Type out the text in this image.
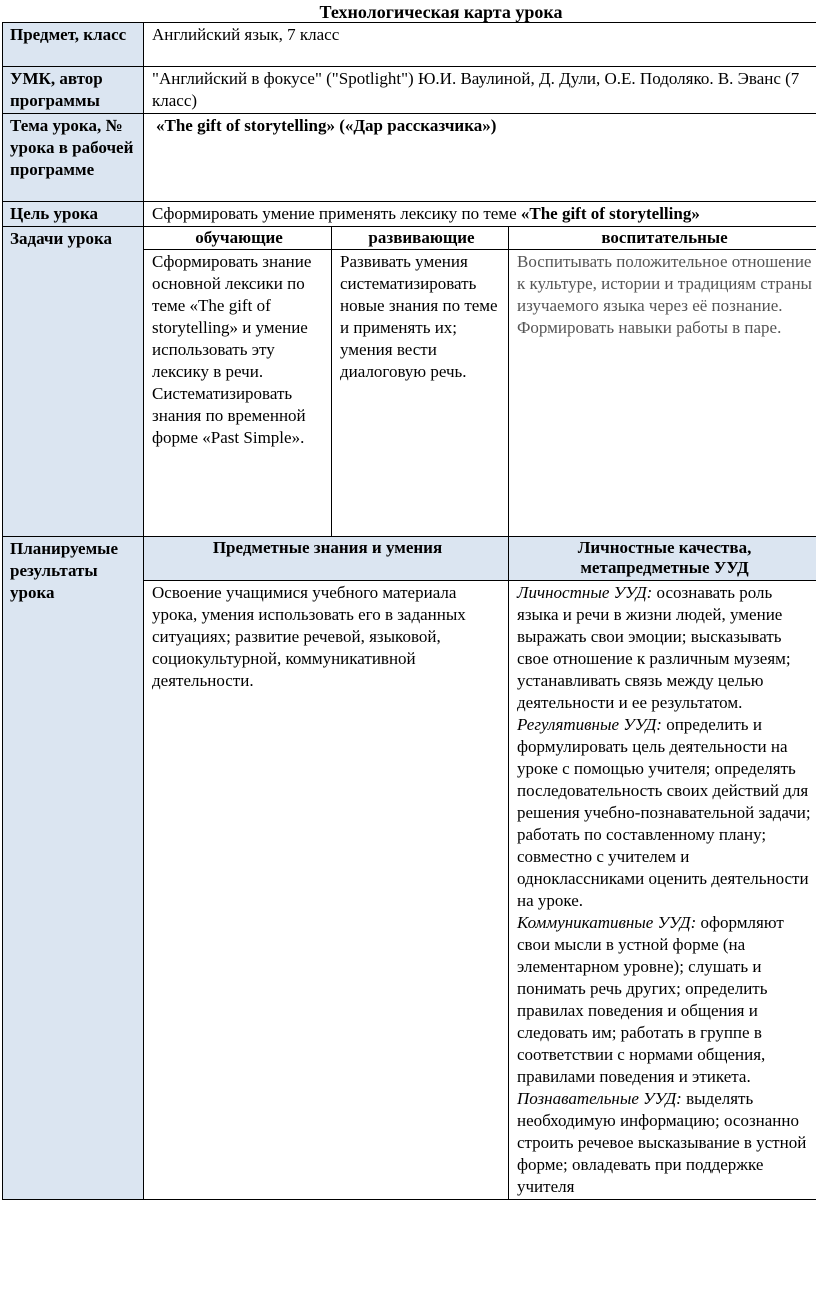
Технологическая карта урока
Предмет, класс	Английский язык, 7 класс		
УМК, автор программы	"Английский в фокусе" ("Spotlight") Ю.И. Ваулиной, Д. Дули, О.Е. Подоляко. В. Эванс (7 класс)		
Тема урока, № урока в рабочей программе	«The gift of storytelling» («Дар рассказчика»)		
Цель урока	Сформировать умение применять лексику по теме «The gift of storytelling»		
Задачи урока	обучающие	развивающие	воспитательные
	Сформировать знание основной лексики по теме «The gift of storytelling» и умение использовать эту лексику в речи. Систематизировать знания по временной форме «Past Simple».	Развивать умения систематизировать новые знания по теме и применять их; умения вести диалоговую речь.	Воспитывать положительное отношение к культуре, истории и традициям страны изучаемого языка через её познание. Формировать навыки работы в паре.
Планируемые результаты урока	Предметные знания и умения		Личностные качества, метапредметные УУД
	Освоение учащимися учебного материала урока, умения использовать его в заданных ситуациях; развитие речевой, языковой, социокультурной, коммуникативной деятельности.		Личностные УУД: осознавать роль языка и речи в жизни людей, умение выражать свои эмоции; высказывать свое отношение к различным музеям; устанавливать связь между целью деятельности и ее результатом.
Регулятивные УУД: определить и формулировать цель деятельности на уроке с помощью учителя; определять последовательность своих действий для решения учебно-познавательной задачи; работать по составленному плану; совместно с учителем и одноклассниками оценить деятельности на уроке.
Коммуникативные УУД: оформляют свои мысли в устной форме (на элементарном уровне); слушать и понимать речь других; определить правилах поведения и общения и следовать им; работать в группе в соответствии с нормами общения, правилами поведения и этикета.
Познавательные УУД: выделять необходимую информацию; осознанно строить речевое высказывание в устной форме; овладевать при поддержке учителя
